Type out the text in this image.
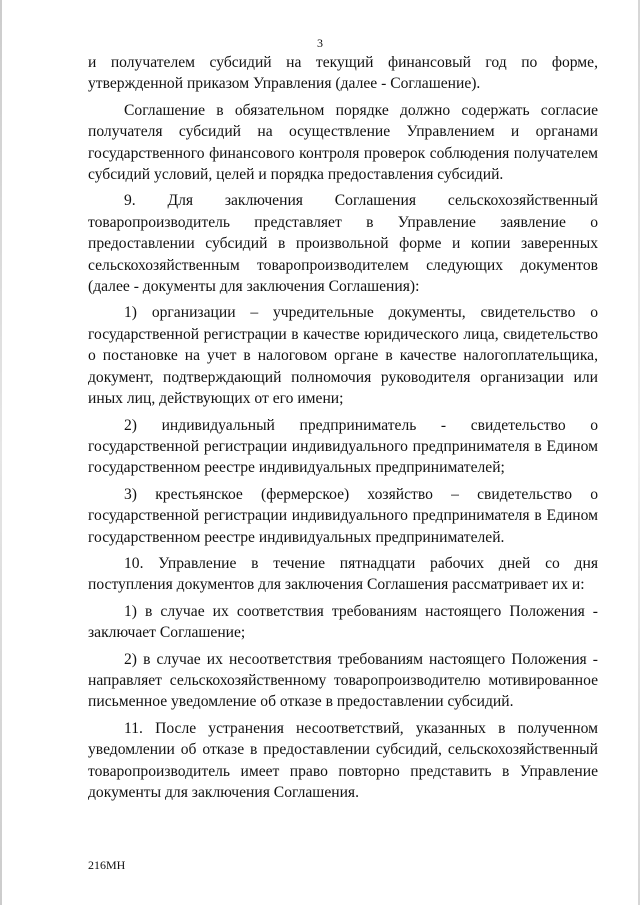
3

и получателем субсидий на текущий финансовый год по форме, утвержденной приказом Управления (далее - Соглашение).

Соглашение в обязательном порядке должно содержать согласие получателя субсидий на осуществление Управлением и органами государственного финансового контроля проверок соблюдения получателем субсидий условий, целей и порядка предоставления субсидий.

9. Для заключения Соглашения сельскохозяйственный товаропроизводитель представляет в Управление заявление о предоставлении субсидий в произвольной форме и копии заверенных сельскохозяйственным товаропроизводителем следующих документов (далее - документы для заключения Соглашения):

1) организации – учредительные документы, свидетельство о государственной регистрации в качестве юридического лица, свидетельство о постановке на учет в налоговом органе в качестве налогоплательщика, документ, подтверждающий полномочия руководителя организации или иных лиц, действующих от его имени;

2) индивидуальный предприниматель - свидетельство о государственной регистрации индивидуального предпринимателя в Едином государственном реестре индивидуальных предпринимателей;

3) крестьянское (фермерское) хозяйство – свидетельство о государственной регистрации индивидуального предпринимателя в Едином государственном реестре индивидуальных предпринимателей.

10. Управление в течение пятнадцати рабочих дней со дня поступления документов для заключения Соглашения рассматривает их и:

1) в случае их соответствия требованиям настоящего Положения - заключает Соглашение;

2) в случае их несоответствия требованиям настоящего Положения - направляет сельскохозяйственному товаропроизводителю мотивированное письменное уведомление об отказе в предоставлении субсидий.

11. После устранения несоответствий, указанных в полученном уведомлении об отказе в предоставлении субсидий, сельскохозяйственный товаропроизводитель имеет право повторно представить в Управление документы для заключения Соглашения.

216МН
